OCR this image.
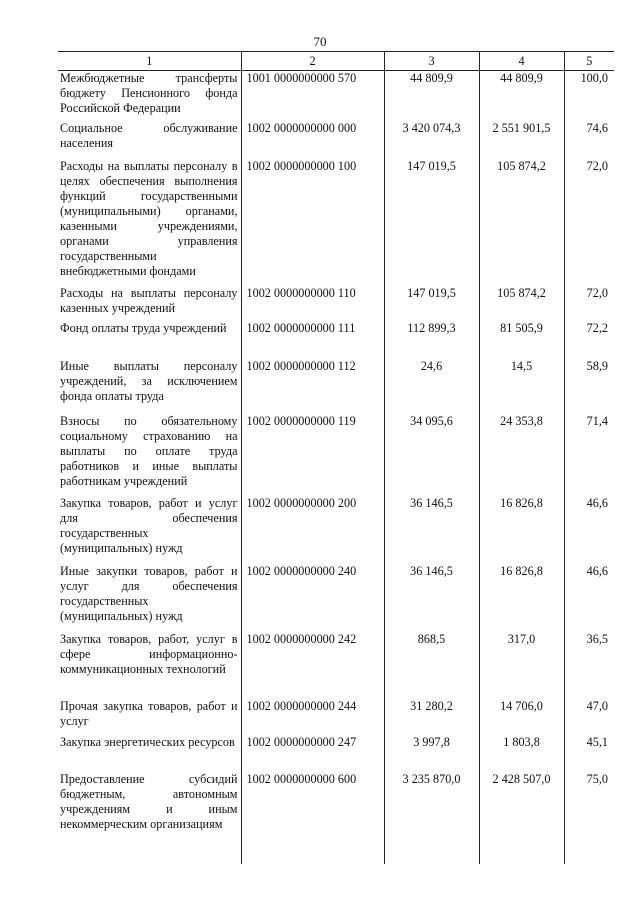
70
1	2	3	4	5
Межбюджетные трансферты бюджету Пенсионного фонда Российской Федерации	1001 0000000000 570	44 809,9	44 809,9	100,0
Социальное обслуживание населения	1002 0000000000 000	3 420 074,3	2 551 901,5	74,6
Расходы на выплаты персоналу в целях обеспечения выполнения функций государственными (муниципальными) органами, казенными учреждениями, органами управления государственными внебюджетными фондами	1002 0000000000 100	147 019,5	105 874,2	72,0
Расходы на выплаты персоналу казенных учреждений	1002 0000000000 110	147 019,5	105 874,2	72,0
Фонд оплаты труда учреждений	1002 0000000000 111	112 899,3	81 505,9	72,2
Иные выплаты персоналу учреждений, за исключением фонда оплаты труда	1002 0000000000 112	24,6	14,5	58,9
Взносы по обязательному социальному страхованию на выплаты по оплате труда работников и иные выплаты работникам учреждений	1002 0000000000 119	34 095,6	24 353,8	71,4
Закупка товаров, работ и услуг для обеспечения государственных (муниципальных) нужд	1002 0000000000 200	36 146,5	16 826,8	46,6
Иные закупки товаров, работ и услуг для обеспечения государственных (муниципальных) нужд	1002 0000000000 240	36 146,5	16 826,8	46,6
Закупка товаров, работ, услуг в сфере информационно-коммуникационных технологий	1002 0000000000 242	868,5	317,0	36,5
Прочая закупка товаров, работ и услуг	1002 0000000000 244	31 280,2	14 706,0	47,0
Закупка энергетических ресурсов	1002 0000000000 247	3 997,8	1 803,8	45,1
Предоставление субсидий бюджетным, автономным учреждениям и иным некоммерческим организациям	1002 0000000000 600	3 235 870,0	2 428 507,0	75,0
